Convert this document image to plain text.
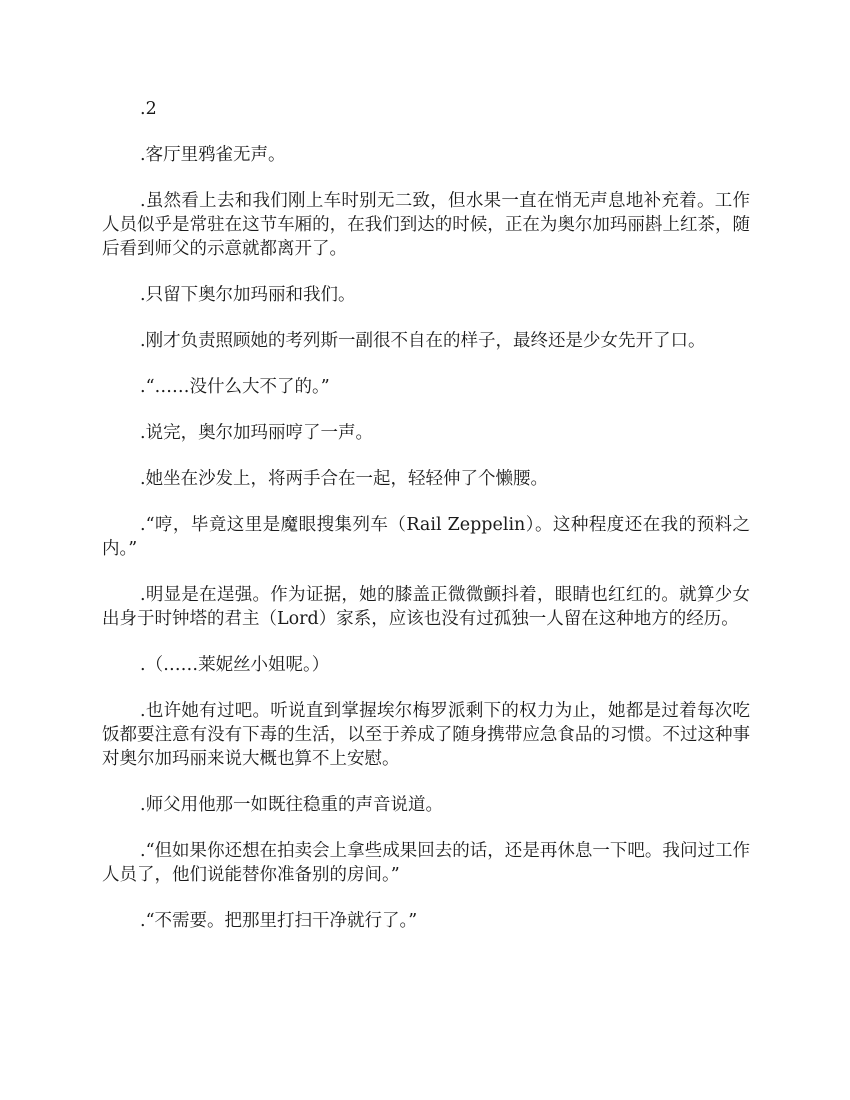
.2

.客厅里鸦雀无声。

.虽然看上去和我们刚上车时别无二致，但水果一直在悄无声息地补充着。工作人员似乎是常驻在这节车厢的，在我们到达的时候，正在为奥尔加玛丽斟上红茶，随后看到师父的示意就都离开了。

.只留下奥尔加玛丽和我们。

.刚才负责照顾她的考列斯一副很不自在的样子，最终还是少女先开了口。

.“……没什么大不了的。”

.说完，奥尔加玛丽哼了一声。

.她坐在沙发上，将两手合在一起，轻轻伸了个懒腰。

.“哼，毕竟这里是魔眼搜集列车（Rail Zeppelin）。这种程度还在我的预料之内。”

.明显是在逞强。作为证据，她的膝盖正微微颤抖着，眼睛也红红的。就算少女出身于时钟塔的君主（Lord）家系，应该也没有过孤独一人留在这种地方的经历。

.（……莱妮丝小姐呢。）

.也许她有过吧。听说直到掌握埃尔梅罗派剩下的权力为止，她都是过着每次吃饭都要注意有没有下毒的生活，以至于养成了随身携带应急食品的习惯。不过这种事对奥尔加玛丽来说大概也算不上安慰。

.师父用他那一如既往稳重的声音说道。

.“但如果你还想在拍卖会上拿些成果回去的话，还是再休息一下吧。我问过工作人员了，他们说能替你准备别的房间。”

.“不需要。把那里打扫干净就行了。”
